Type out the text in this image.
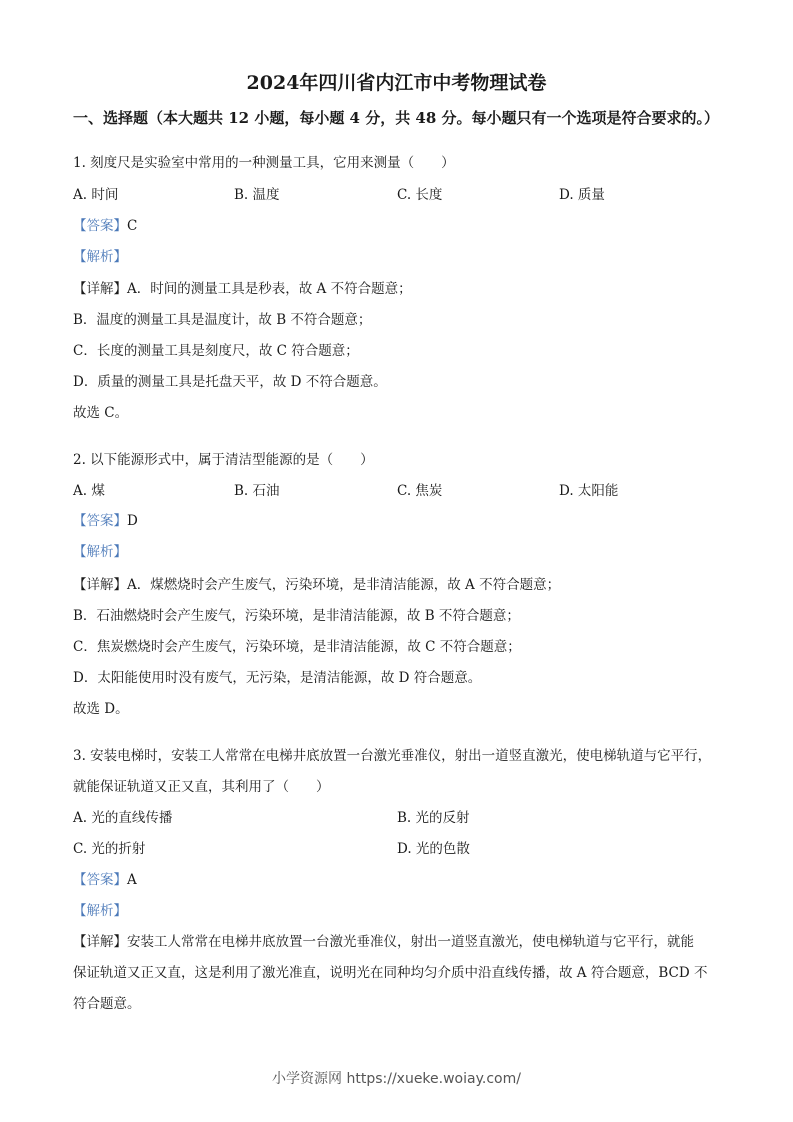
2024年四川省内江市中考物理试卷
一、选择题（本大题共 12 小题，每小题 4 分，共 48 分。每小题只有一个选项是符合要求的。）
1. 刻度尺是实验室中常用的一种测量工具，它用来测量（　　）
A. 时间	B. 温度	C. 长度	D. 质量
【答案】C
【解析】
【详解】A．时间的测量工具是秒表，故 A 不符合题意；
B．温度的测量工具是温度计，故 B 不符合题意；
C．长度的测量工具是刻度尺，故 C 符合题意；
D．质量的测量工具是托盘天平，故 D 不符合题意。
故选 C。
2. 以下能源形式中，属于清洁型能源的是（　　）
A. 煤	B. 石油	C. 焦炭	D. 太阳能
【答案】D
【解析】
【详解】A．煤燃烧时会产生废气，污染环境，是非清洁能源，故 A 不符合题意；
B．石油燃烧时会产生废气，污染环境，是非清洁能源，故 B 不符合题意；
C．焦炭燃烧时会产生废气，污染环境，是非清洁能源，故 C 不符合题意；
D．太阳能使用时没有废气，无污染，是清洁能源，故 D 符合题意。
故选 D。
3. 安装电梯时，安装工人常常在电梯井底放置一台激光垂准仪，射出一道竖直激光，使电梯轨道与它平行，
就能保证轨道又正又直，其利用了（　　）
A. 光的直线传播	B. 光的反射
C. 光的折射	D. 光的色散
【答案】A
【解析】
【详解】安装工人常常在电梯井底放置一台激光垂准仪，射出一道竖直激光，使电梯轨道与它平行，就能
保证轨道又正又直，这是利用了激光准直，说明光在同种均匀介质中沿直线传播，故 A 符合题意，BCD 不
符合题意。
小学资源网 https://xueke.woiay.com/
